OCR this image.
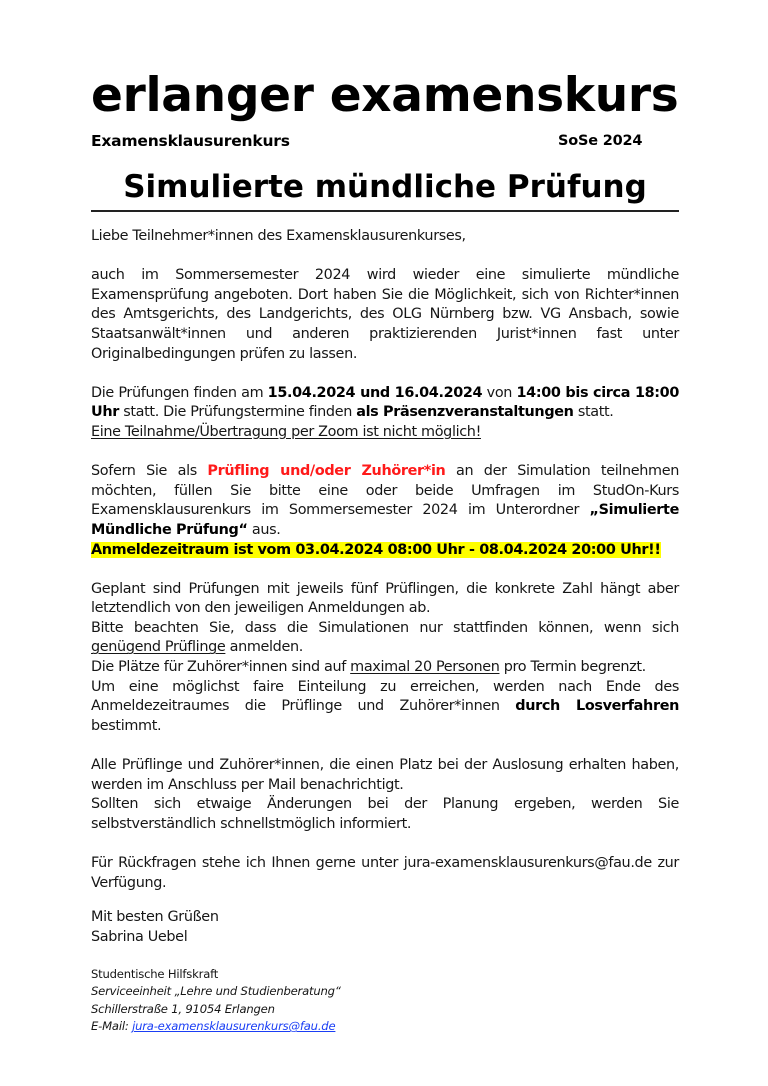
erlanger examenskurs
Examensklausurenkurs	SoSe 2024
Simulierte mündliche Prüfung

Liebe Teilnehmer*innen des Examensklausurenkurses,

auch im Sommersemester 2024 wird wieder eine simulierte mündliche Examensprüfung angeboten. Dort haben Sie die Möglichkeit, sich von Richter*innen des Amtsgerichts, des Landgerichts, des OLG Nürnberg bzw. VG Ansbach, sowie Staatsanwält*innen und anderen praktizierenden Jurist*innen fast unter Originalbedingungen prüfen zu lassen.

Die Prüfungen finden am 15.04.2024 und 16.04.2024 von 14:00 bis circa 18:00 Uhr statt. Die Prüfungstermine finden als Präsenzveranstaltungen statt.

Eine Teilnahme/Übertragung per Zoom ist nicht möglich!

Sofern Sie als Prüfling und/oder Zuhörer*in an der Simulation teilnehmen möchten, füllen Sie bitte eine oder beide Umfragen im StudOn-Kurs Examensklausurenkurs im Sommersemester 2024 im Unterordner „Simulierte Mündliche Prüfung“ aus.

Anmeldezeitraum ist vom 03.04.2024 08:00 Uhr - 08.04.2024 20:00 Uhr!!

Geplant sind Prüfungen mit jeweils fünf Prüflingen, die konkrete Zahl hängt aber letztendlich von den jeweiligen Anmeldungen ab.

Bitte beachten Sie, dass die Simulationen nur stattfinden können, wenn sich genügend Prüflinge anmelden.

Die Plätze für Zuhörer*innen sind auf maximal 20 Personen pro Termin begrenzt.

Um eine möglichst faire Einteilung zu erreichen, werden nach Ende des Anmeldezeitraumes die Prüflinge und Zuhörer*innen durch Losverfahren bestimmt.

Alle Prüflinge und Zuhörer*innen, die einen Platz bei der Auslosung erhalten haben, werden im Anschluss per Mail benachrichtigt.

Sollten sich etwaige Änderungen bei der Planung ergeben, werden Sie selbstverständlich schnellstmöglich informiert.

Für Rückfragen stehe ich Ihnen gerne unter jura-examensklausurenkurs@fau.de zur Verfügung.

Mit besten Grüßen
Sabrina Uebel
Studentische Hilfskraft
Serviceeinheit „Lehre und Studienberatung“
Schillerstraße 1, 91054 Erlangen
E-Mail: jura-examensklausurenkurs@fau.de
